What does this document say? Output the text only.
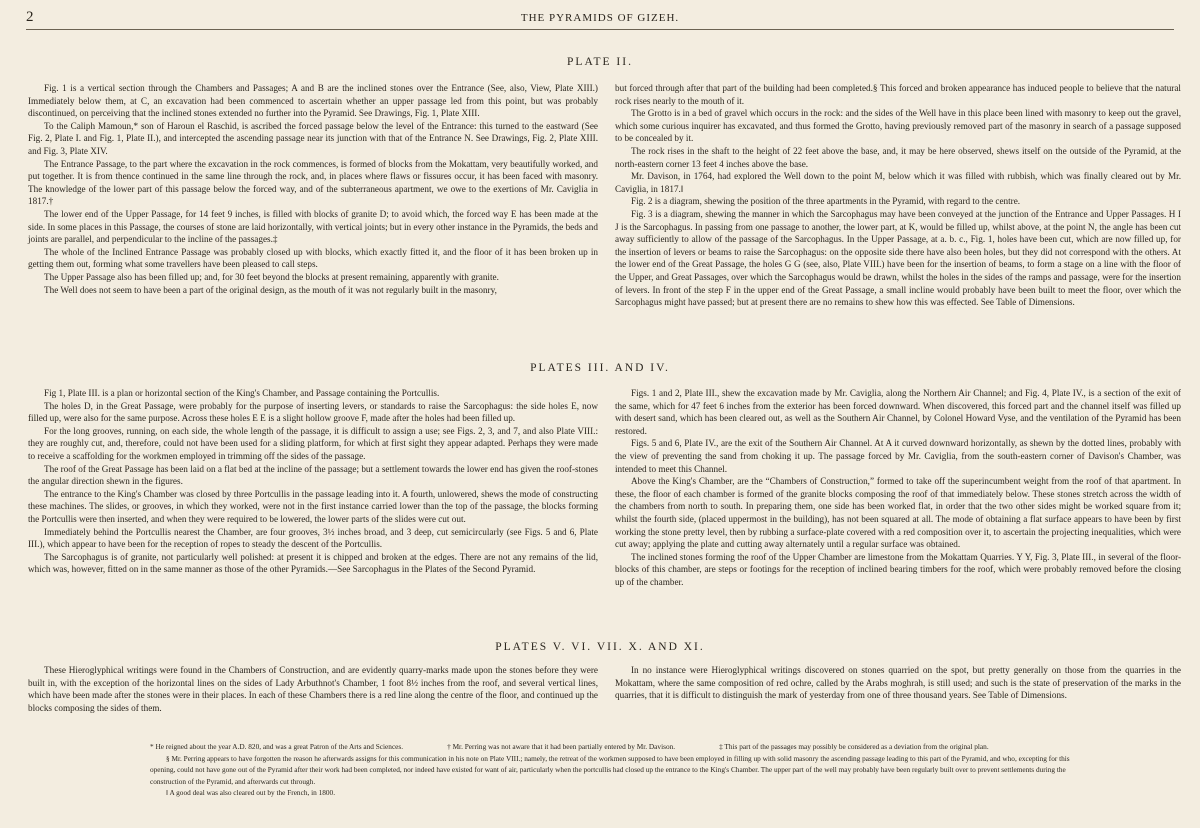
2	THE PYRAMIDS OF GIZEH.
PLATE II.

Fig. 1 is a vertical section through the Chambers and Passages; A and B are the inclined stones over the Entrance (See, also, View, Plate XIII.) Immediately below them, at C, an excavation had been commenced to ascertain whether an upper passage led from this point, but was probably discontinued, on perceiving that the inclined stones extended no further into the Pyramid. See Drawings, Fig. 1, Plate XIII.

To the Caliph Mamoun,* son of Haroun el Raschid, is ascribed the forced passage below the level of the Entrance: this turned to the eastward (See Fig. 2, Plate I. and Fig. 1, Plate II.), and intercepted the ascending passage near its junction with that of the Entrance N. See Drawings, Fig. 2, Plate XIII. and Fig. 3, Plate XIV.

The Entrance Passage, to the part where the excavation in the rock commences, is formed of blocks from the Mokattam, very beautifully worked, and put together. It is from thence continued in the same line through the rock, and, in places where flaws or fissures occur, it has been faced with masonry. The knowledge of the lower part of this passage below the forced way, and of the subterraneous apartment, we owe to the exertions of Mr. Caviglia in 1817.†

The lower end of the Upper Passage, for 14 feet 9 inches, is filled with blocks of granite D; to avoid which, the forced way E has been made at the side. In some places in this Passage, the courses of stone are laid horizontally, with vertical joints; but in every other instance in the Pyramids, the beds and joints are parallel, and perpendicular to the incline of the passages.‡

The whole of the Inclined Entrance Passage was probably closed up with blocks, which exactly fitted it, and the floor of it has been broken up in getting them out, forming what some travellers have been pleased to call steps.

The Upper Passage also has been filled up; and, for 30 feet beyond the blocks at present remaining, apparently with granite.

The Well does not seem to have been a part of the original design, as the mouth of it was not regularly built in the masonry,

but forced through after that part of the building had been completed.§ This forced and broken appearance has induced people to believe that the natural rock rises nearly to the mouth of it.

The Grotto is in a bed of gravel which occurs in the rock: and the sides of the Well have in this place been lined with masonry to keep out the gravel, which some curious inquirer has excavated, and thus formed the Grotto, having previously removed part of the masonry in search of a passage supposed to be concealed by it.

The rock rises in the shaft to the height of 22 feet above the base, and, it may be here observed, shews itself on the outside of the Pyramid, at the north-eastern corner 13 feet 4 inches above the base.

Mr. Davison, in 1764, had explored the Well down to the point M, below which it was filled with rubbish, which was finally cleared out by Mr. Caviglia, in 1817.‖

Fig. 2 is a diagram, shewing the position of the three apartments in the Pyramid, with regard to the centre.

Fig. 3 is a diagram, shewing the manner in which the Sarcophagus may have been conveyed at the junction of the Entrance and Upper Passages. H I J is the Sarcophagus. In passing from one passage to another, the lower part, at K, would be filled up, whilst above, at the point N, the angle has been cut away sufficiently to allow of the passage of the Sarcophagus. In the Upper Passage, at a. b. c., Fig. 1, holes have been cut, which are now filled up, for the insertion of levers or beams to raise the Sarcophagus: on the opposite side there have also been holes, but they did not correspond with the others. At the lower end of the Great Passage, the holes G G (see, also, Plate VIII.) have been for the insertion of beams, to form a stage on a line with the floor of the Upper, and Great Passages, over which the Sarcophagus would be drawn, whilst the holes in the sides of the ramps and passage, were for the insertion of levers. In front of the step F in the upper end of the Great Passage, a small incline would probably have been built to meet the floor, over which the Sarcophagus might have passed; but at present there are no remains to shew how this was effected. See Table of Dimensions.

PLATES III. AND IV.

Fig 1, Plate III. is a plan or horizontal section of the King's Chamber, and Passage containing the Portcullis.

The holes D, in the Great Passage, were probably for the purpose of inserting levers, or standards to raise the Sarcophagus: the side holes E, now filled up, were also for the same purpose. Across these holes E E is a slight hollow groove F, made after the holes had been filled up.

For the long grooves, running, on each side, the whole length of the passage, it is difficult to assign a use; see Figs. 2, 3, and 7, and also Plate VIII.: they are roughly cut, and, therefore, could not have been used for a sliding platform, for which at first sight they appear adapted. Perhaps they were made to receive a scaffolding for the workmen employed in trimming off the sides of the passage.

The roof of the Great Passage has been laid on a flat bed at the incline of the passage; but a settlement towards the lower end has given the roof-stones the angular direction shewn in the figures.

The entrance to the King's Chamber was closed by three Portcullis in the passage leading into it. A fourth, unlowered, shews the mode of constructing these machines. The slides, or grooves, in which they worked, were not in the first instance carried lower than the top of the passage, the blocks forming the Portcullis were then inserted, and when they were required to be lowered, the lower parts of the slides were cut out.

Immediately behind the Portcullis nearest the Chamber, are four grooves, 3½ inches broad, and 3 deep, cut semicircularly (see Figs. 5 and 6, Plate III.), which appear to have been for the reception of ropes to steady the descent of the Portcullis.

The Sarcophagus is of granite, not particularly well polished: at present it is chipped and broken at the edges. There are not any remains of the lid, which was, however, fitted on in the same manner as those of the other Pyramids.—See Sarcophagus in the Plates of the Second Pyramid.

Figs. 1 and 2, Plate III., shew the excavation made by Mr. Caviglia, along the Northern Air Channel; and Fig. 4, Plate IV., is a section of the exit of the same, which for 47 feet 6 inches from the exterior has been forced downward. When discovered, this forced part and the channel itself was filled up with desert sand, which has been cleared out, as well as the Southern Air Channel, by Colonel Howard Vyse, and the ventilation of the Pyramid has been restored.

Figs. 5 and 6, Plate IV., are the exit of the Southern Air Channel. At A it curved downward horizontally, as shewn by the dotted lines, probably with the view of preventing the sand from choking it up. The passage forced by Mr. Caviglia, from the south-eastern corner of Davison's Chamber, was intended to meet this Channel.

Above the King's Chamber, are the “Chambers of Construction,” formed to take off the superincumbent weight from the roof of that apartment. In these, the floor of each chamber is formed of the granite blocks composing the roof of that immediately below. These stones stretch across the width of the chambers from north to south. In preparing them, one side has been worked flat, in order that the two other sides might be worked square from it; whilst the fourth side, (placed uppermost in the building), has not been squared at all. The mode of obtaining a flat surface appears to have been by first working the stone pretty level, then by rubbing a surface-plate covered with a red composition over it, to ascertain the projecting inequalities, which were cut away; applying the plate and cutting away alternately until a regular surface was obtained.

The inclined stones forming the roof of the Upper Chamber are limestone from the Mokattam Quarries. Y Y, Fig. 3, Plate III., in several of the floor-blocks of this chamber, are steps or footings for the reception of inclined bearing timbers for the roof, which were probably removed before the closing up of the chamber.

PLATES V. VI. VII. X. AND XI.

These Hieroglyphical writings were found in the Chambers of Construction, and are evidently quarry-marks made upon the stones before they were built in, with the exception of the horizontal lines on the sides of Lady Arbuthnot's Chamber, 1 foot 8½ inches from the roof, and several vertical lines, which have been made after the stones were in their places. In each of these Chambers there is a red line along the centre of the floor, and continued up the blocks composing the sides of them.

In no instance were Hieroglyphical writings discovered on stones quarried on the spot, but pretty generally on those from the quarries in the Mokattam, where the same composition of red ochre, called by the Arabs moghrah, is still used; and such is the state of preservation of the marks in the quarries, that it is difficult to distinguish the mark of yesterday from one of three thousand years. See Table of Dimensions.

* He reigned about the year A.D. 820, and was a great Patron of the Arts and Sciences.	† Mr. Perring was not aware that it had been partially entered by Mr. Davison.	‡ This part of the passages may possibly be considered as a deviation from the original plan.

§ Mr. Perring appears to have forgotten the reason he afterwards assigns for this communication in his note on Plate VIII.; namely, the retreat of the workmen supposed to have been employed in filling up with solid masonry the ascending passage leading to this part of the Pyramid, and who, excepting for this opening, could not have gone out of the Pyramid after their work had been completed, nor indeed have existed for want of air, particularly when the portcullis had closed up the entrance to the King's Chamber. The upper part of the well may probably have been regularly built over to prevent settlements during the construction of the Pyramid, and afterwards cut through.

‖ A good deal was also cleared out by the French, in 1800.
